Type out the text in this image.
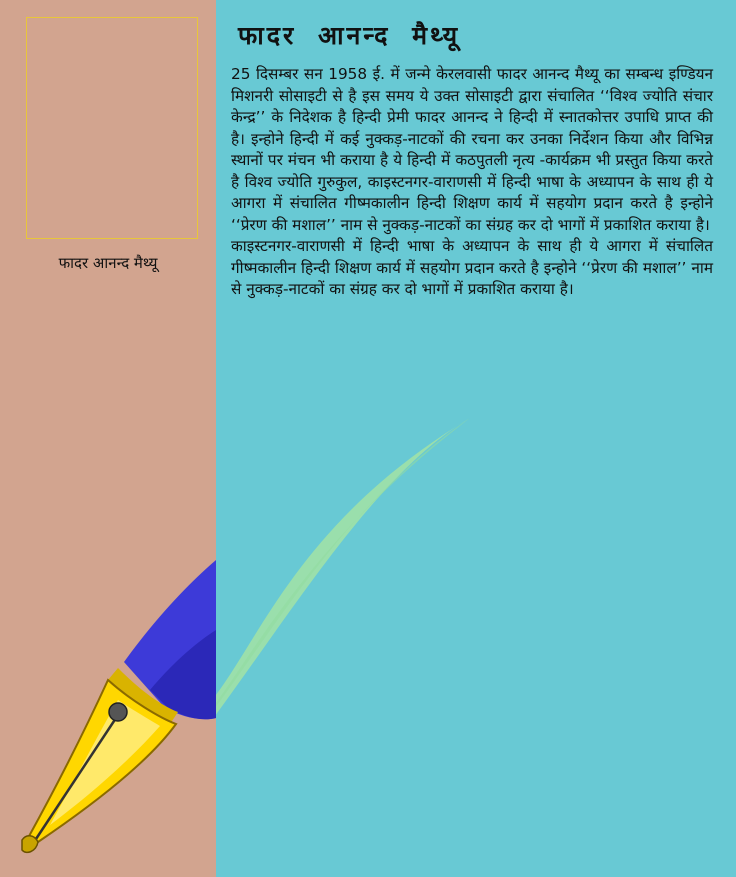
फादर आनन्द मैथ्यू
फादर आनन्द मैथ्यू

25 दिसम्बर सन 1958 ई. में जन्मे केरलवासी फादर आनन्द मैथ्यू का सम्बन्ध इण्डियन मिशनरी सोसाइटी से है इस समय ये उक्त सोसाइटी द्वारा संचालित ‘‘विश्व ज्योति संचार केन्द्र’’ के निदेशक है हिन्दी प्रेमी फादर आनन्द ने हिन्दी में स्नातकोत्तर उपाधि प्राप्त की है। इन्होने हिन्दी में कई नुक्कड़-नाटकों की रचना कर उनका निर्देशन किया और विभिन्न स्थानों पर मंचन भी कराया है ये हिन्दी में कठपुतली नृत्य -कार्यक्रम भी प्रस्तुत किया करते है विश्व ज्योति गुरुकुल, काइस्टनगर-वाराणसी में हिन्दी भाषा के अध्यापन के साथ ही ये आगरा में संचालित गीष्मकालीन हिन्दी शिक्षण कार्य में सहयोग प्रदान करते है इन्होने ‘‘प्रेरण की मशाल’’ नाम से नुक्कड़-नाटकों का संग्रह कर दो भागों में प्रकाशित कराया है।

काइस्टनगर-वाराणसी में हिन्दी भाषा के अध्यापन के साथ ही ये आगरा में संचालित गीष्मकालीन हिन्दी शिक्षण कार्य में सहयोग प्रदान करते है इन्होने ‘‘प्रेरण की मशाल’’ नाम से नुक्कड़-नाटकों का संग्रह कर दो भागों में प्रकाशित कराया है।
